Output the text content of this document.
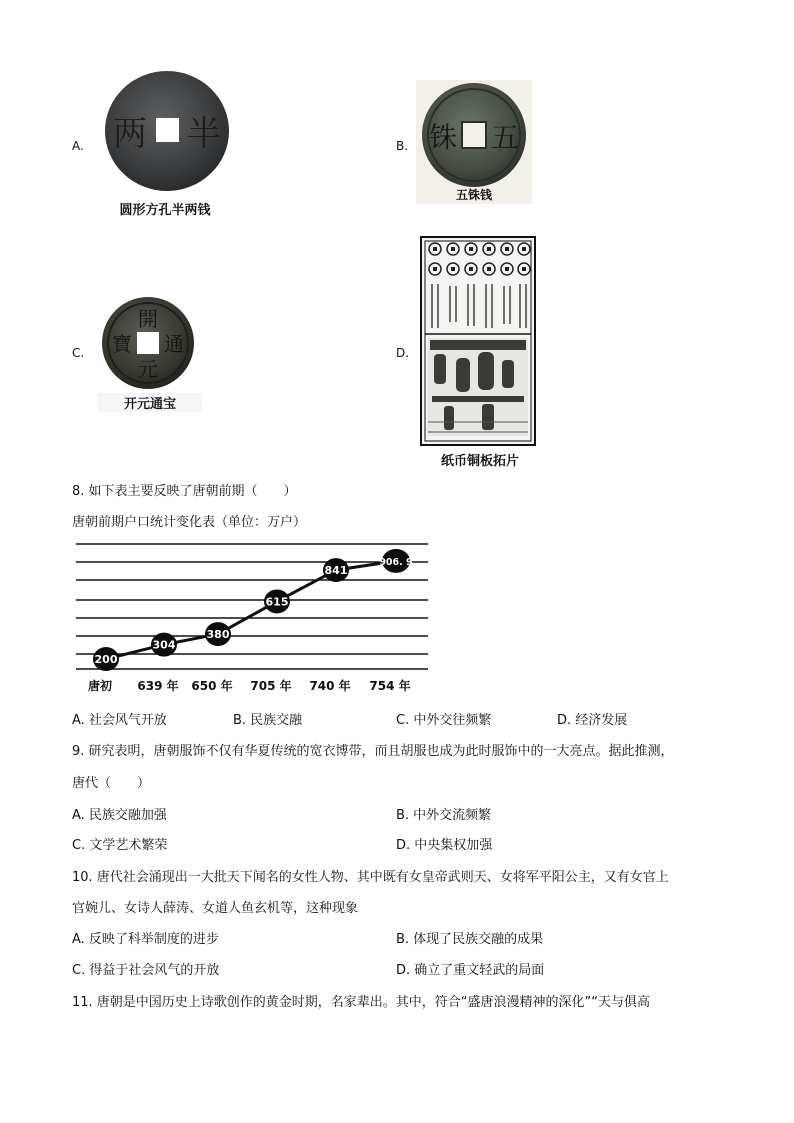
A. 两 半
圆形方孔半两钱
B. 铢 五
五铢钱
C.
開
元
寶 通
开元通宝
D.
纸币铜板拓片
8. 如下表主要反映了唐朝前期（　　）
唐朝前期户口统计变化表（单位：万户）
200
304
380
615
841
906. 9
唐初 639 年 650 年 705 年 740 年 754 年
A. 社会风气开放	B. 民族交融	C. 中外交往频繁	D. 经济发展
9. 研究表明，唐朝服饰不仅有华夏传统的宽衣博带，而且胡服也成为此时服饰中的一大亮点。据此推测，
唐代（　　）
A. 民族交融加强	B. 中外交流频繁
C. 文学艺术繁荣	D. 中央集权加强
10. 唐代社会涌现出一大批天下闻名的女性人物、其中既有女皇帝武则天、女将军平阳公主，又有女官上
官婉儿、女诗人薛涛、女道人鱼玄机等，这种现象
A. 反映了科举制度的进步	B. 体现了民族交融的成果
C. 得益于社会风气的开放	D. 确立了重文轻武的局面
11. 唐朝是中国历史上诗歌创作的黄金时期，名家辈出。其中，符合“盛唐浪漫精神的深化”“天与俱高
